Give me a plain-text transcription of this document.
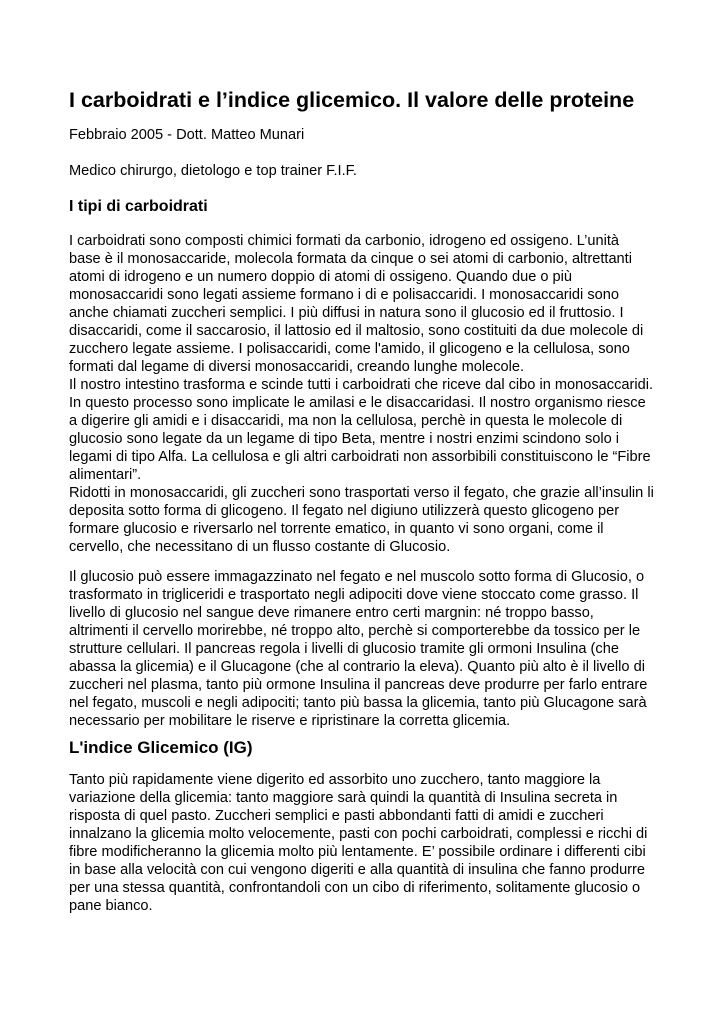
I carboidrati e l’indice glicemico. Il valore delle proteine

Febbraio 2005 - Dott. Matteo Munari

Medico chirurgo, dietologo e top trainer F.I.F.

I tipi di carboidrati
I carboidrati sono composti chimici formati da carbonio, idrogeno ed ossigeno. L’unità
base è il monosaccaride, molecola formata da cinque o sei atomi di carbonio, altrettanti
atomi di idrogeno e un numero doppio di atomi di ossigeno. Quando due o più
monosaccaridi sono legati assieme formano i di e polisaccaridi. I monosaccaridi sono
anche chiamati zuccheri semplici. I più diffusi in natura sono il glucosio ed il fruttosio. I
disaccaridi, come il saccarosio, il lattosio ed il maltosio, sono costituiti da due molecole di
zucchero legate assieme. I polisaccaridi, come l'amido, il glicogeno e la cellulosa, sono
formati dal legame di diversi monosaccaridi, creando lunghe molecole.
Il nostro intestino trasforma e scinde tutti i carboidrati che riceve dal cibo in monosaccaridi.
In questo processo sono implicate le amilasi e le disaccaridasi. Il nostro organismo riesce
a digerire gli amidi e i disaccaridi, ma non la cellulosa, perchè in questa le molecole di
glucosio sono legate da un legame di tipo Beta, mentre i nostri enzimi scindono solo i
legami di tipo Alfa. La cellulosa e gli altri carboidrati non assorbibili constituiscono le “Fibre
alimentari”.
Ridotti in monosaccaridi, gli zuccheri sono trasportati verso il fegato, che grazie all’insulin li
deposita sotto forma di glicogeno. Il fegato nel digiuno utilizzerà questo glicogeno per
formare glucosio e riversarlo nel torrente ematico, in quanto vi sono organi, come il
cervello, che necessitano di un flusso costante di Glucosio.
Il glucosio può essere immagazzinato nel fegato e nel muscolo sotto forma di Glucosio, o
trasformato in trigliceridi e trasportato negli adipociti dove viene stoccato come grasso. Il
livello di glucosio nel sangue deve rimanere entro certi margnin: né troppo basso,
altrimenti il cervello morirebbe, né troppo alto, perchè si comporterebbe da tossico per le
strutture cellulari. Il pancreas regola i livelli di glucosio tramite gli ormoni Insulina (che
abassa la glicemia) e il Glucagone (che al contrario la eleva). Quanto più alto è il livello di
zuccheri nel plasma, tanto più ormone Insulina il pancreas deve produrre per farlo entrare
nel fegato, muscoli e negli adipociti; tanto più bassa la glicemia, tanto più Glucagone sarà
necessario per mobilitare le riserve e ripristinare la corretta glicemia.
L'indice Glicemico (IG)
Tanto più rapidamente viene digerito ed assorbito uno zucchero, tanto maggiore la
variazione della glicemia: tanto maggiore sarà quindi la quantità di Insulina secreta in
risposta di quel pasto. Zuccheri semplici e pasti abbondanti fatti di amidi e zuccheri
innalzano la glicemia molto velocemente, pasti con pochi carboidrati, complessi e ricchi di
fibre modificheranno la glicemia molto più lentamente. E’ possibile ordinare i differenti cibi
in base alla velocità con cui vengono digeriti e alla quantità di insulina che fanno produrre
per una stessa quantità, confrontandoli con un cibo di riferimento, solitamente glucosio o
pane bianco.
